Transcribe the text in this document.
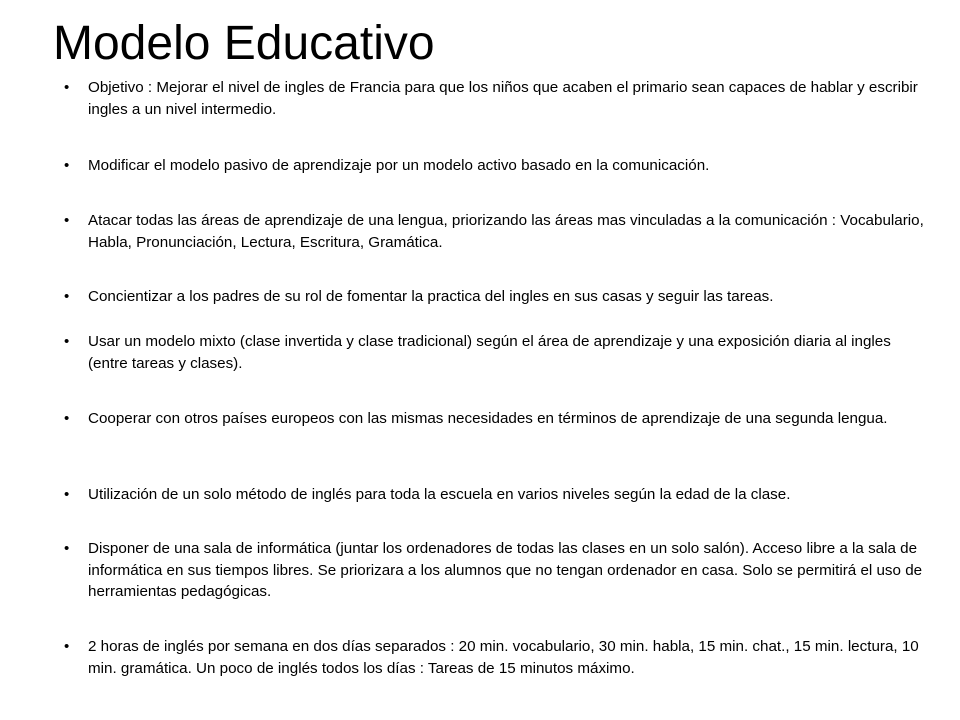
Modelo Educativo
•	Objetivo : Mejorar el nivel de ingles de Francia para que los niños que acaben el primario sean capaces de hablar y escribir ingles a un nivel intermedio.
•	Modificar el modelo pasivo de aprendizaje por un modelo activo basado en la comunicación.
•	Atacar todas las áreas de aprendizaje de una lengua, priorizando las áreas mas vinculadas a la comunicación : Vocabulario, Habla, Pronunciación, Lectura, Escritura, Gramática.
•	Concientizar a los padres de su rol de fomentar la practica del ingles en sus casas y seguir las tareas.
•	Usar un modelo mixto (clase invertida y clase tradicional) según el área de aprendizaje y una exposición diaria al ingles (entre tareas y clases).
•	Cooperar con otros países europeos con las mismas necesidades en términos de aprendizaje de una segunda lengua.
•	Utilización de un solo método de inglés para toda la escuela en varios niveles según la edad de la clase.
•	Disponer de una sala de informática (juntar los ordenadores de todas las clases en un solo salón). Acceso libre a la sala de informática en sus tiempos libres. Se priorizara a los alumnos que no tengan ordenador en casa. Solo se permitirá el uso de herramientas pedagógicas.
•	2 horas de inglés por semana en dos días separados : 20 min. vocabulario, 30 min. habla, 15 min. chat., 15 min. lectura, 10 min. gramática. Un poco de inglés todos los días : Tareas de 15 minutos máximo.
